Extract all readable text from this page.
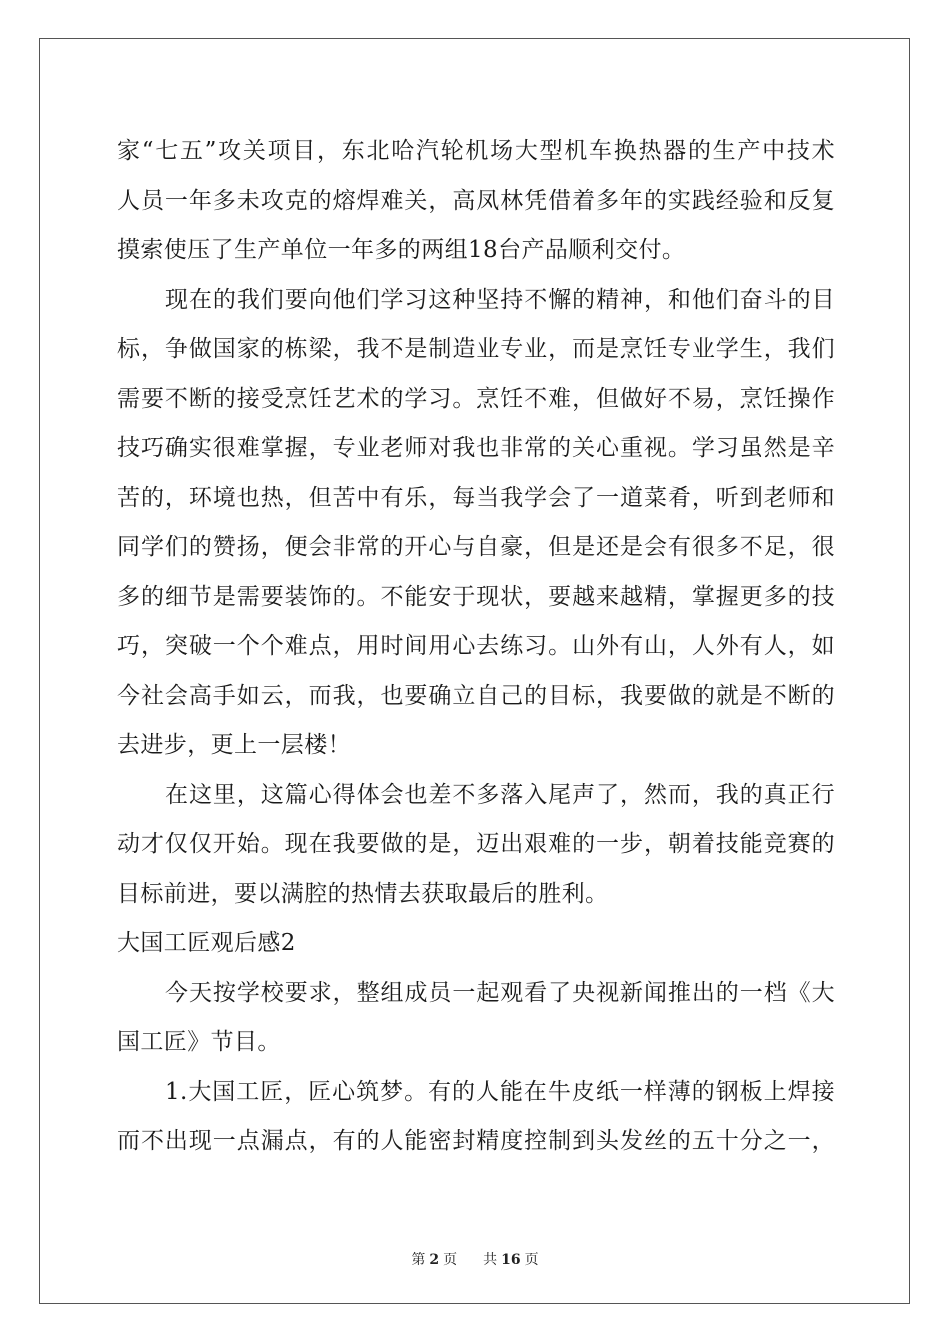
家“七五”攻关项目，东北哈汽轮机场大型机车换热器的生产中技术
人员一年多未攻克的熔焊难关，高凤林凭借着多年的实践经验和反复
摸索使压了生产单位一年多的两组18台产品顺利交付。
现在的我们要向他们学习这种坚持不懈的精神，和他们奋斗的目
标，争做国家的栋梁，我不是制造业专业，而是烹饪专业学生，我们
需要不断的接受烹饪艺术的学习。烹饪不难，但做好不易，烹饪操作
技巧确实很难掌握，专业老师对我也非常的关心重视。学习虽然是辛
苦的，环境也热，但苦中有乐，每当我学会了一道菜肴，听到老师和
同学们的赞扬，便会非常的开心与自豪，但是还是会有很多不足，很
多的细节是需要装饰的。不能安于现状，要越来越精，掌握更多的技
巧，突破一个个难点，用时间用心去练习。山外有山，人外有人，如
今社会高手如云，而我，也要确立自己的目标，我要做的就是不断的
去进步，更上一层楼！
在这里，这篇心得体会也差不多落入尾声了，然而，我的真正行
动才仅仅开始。现在我要做的是，迈出艰难的一步，朝着技能竞赛的
目标前进，要以满腔的热情去获取最后的胜利。
大国工匠观后感2
今天按学校要求，整组成员一起观看了央视新闻推出的一档《大
国工匠》节目。
1.大国工匠，匠心筑梦。有的人能在牛皮纸一样薄的钢板上焊接
而不出现一点漏点，有的人能密封精度控制到头发丝的五十分之一，
第 2 页 共 16 页
